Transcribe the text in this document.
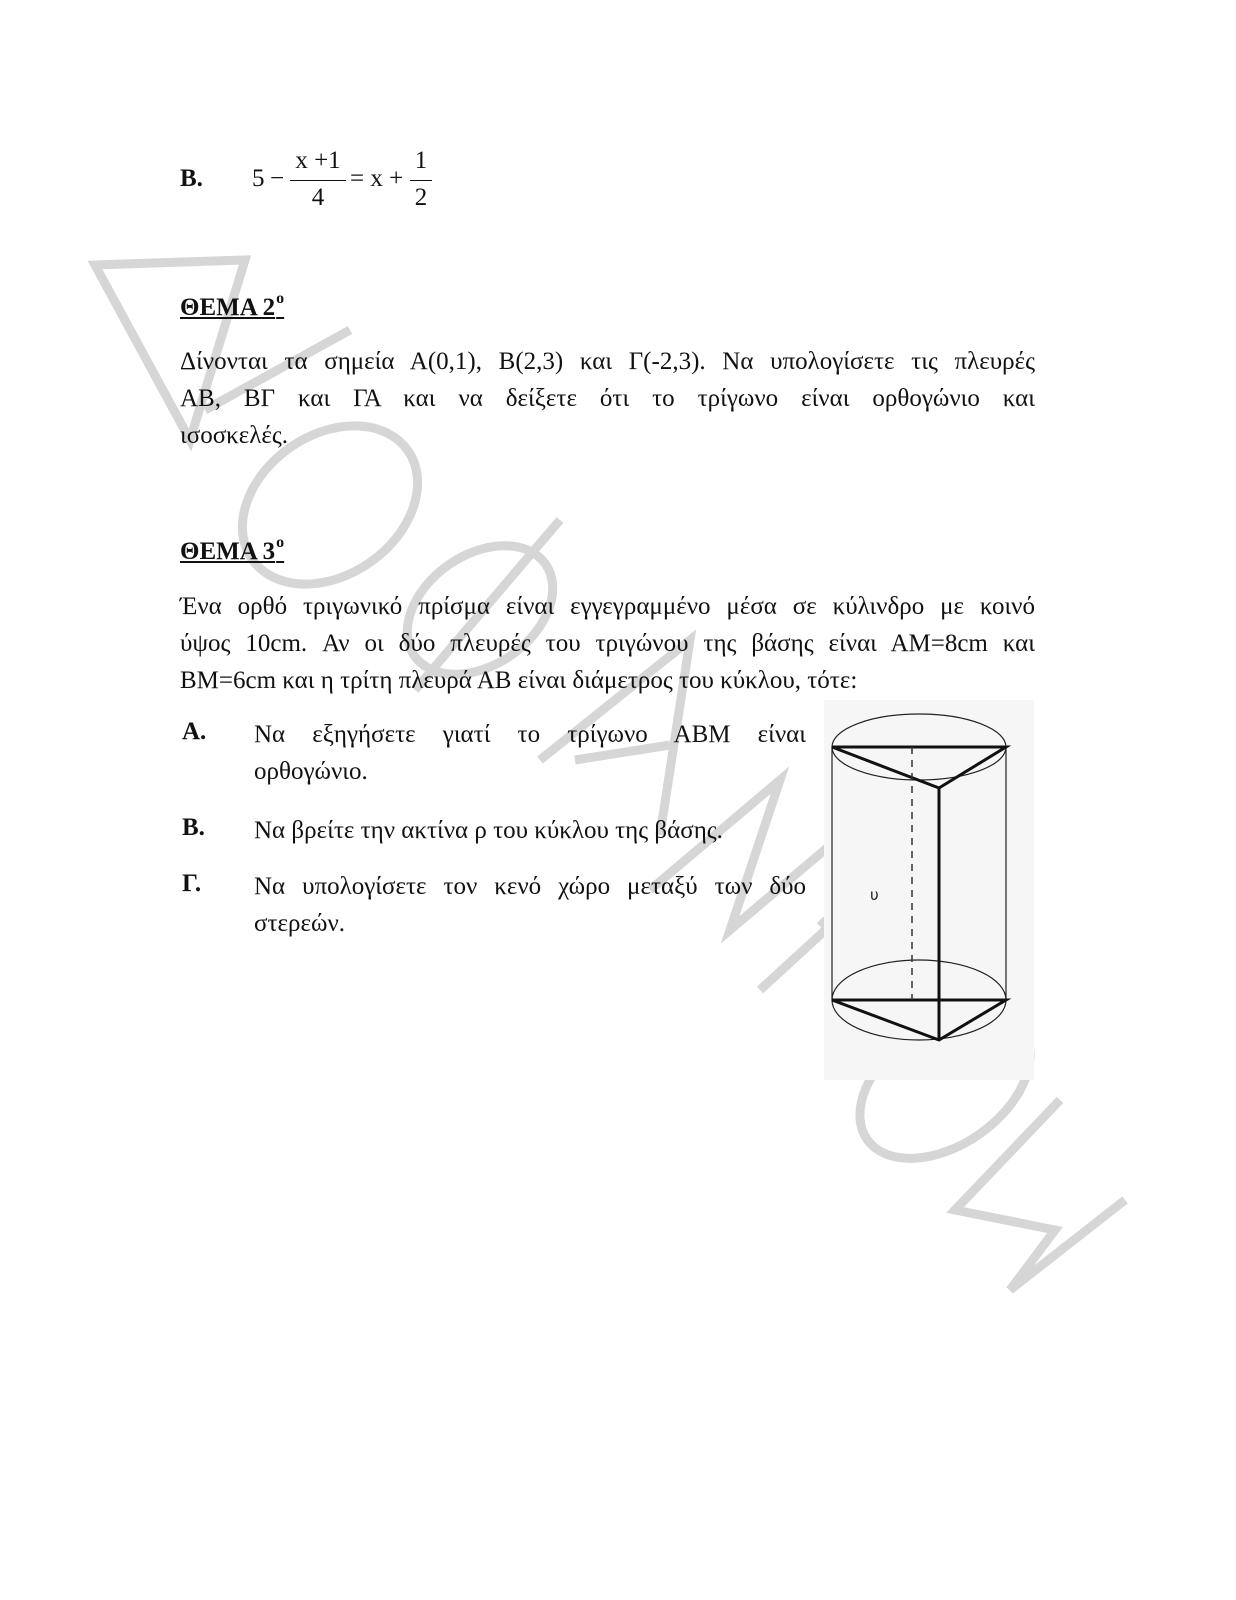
B. 5 −
x +1
4
= x +
1
2
ΘΕΜΑ $2^o$
Δίνονται τα σημεία Α(0,1), Β(2,3) και Γ(-2,3). Να υπολογίσετε τις πλευρές
ΑΒ, ΒΓ και ΓΑ και να δείξετε ότι το τρίγωνο είναι ορθογώνιο και
ισοσκελές.
ΘΕΜΑ $3^o$
Ένα ορθό τριγωνικό πρίσμα είναι εγγεγραμμένο μέσα σε κύλινδρο με κοινό
ύψος 10cm. Αν οι δύο πλευρές του τριγώνου της βάσης είναι ΑΜ=8cm και
ΒΜ=6cm και η τρίτη πλευρά ΑΒ είναι διάμετρος του κύκλου, τότε:
Α. Να εξηγήσετε γιατί το τρίγωνο ΑΒΜ είναι
ορθογώνιο.
Β. Να βρείτε την ακτίνα ρ του κύκλου της βάσης.
Γ. Να υπολογίσετε τον κενό χώρο μεταξύ των δύο
στερεών.
υ
